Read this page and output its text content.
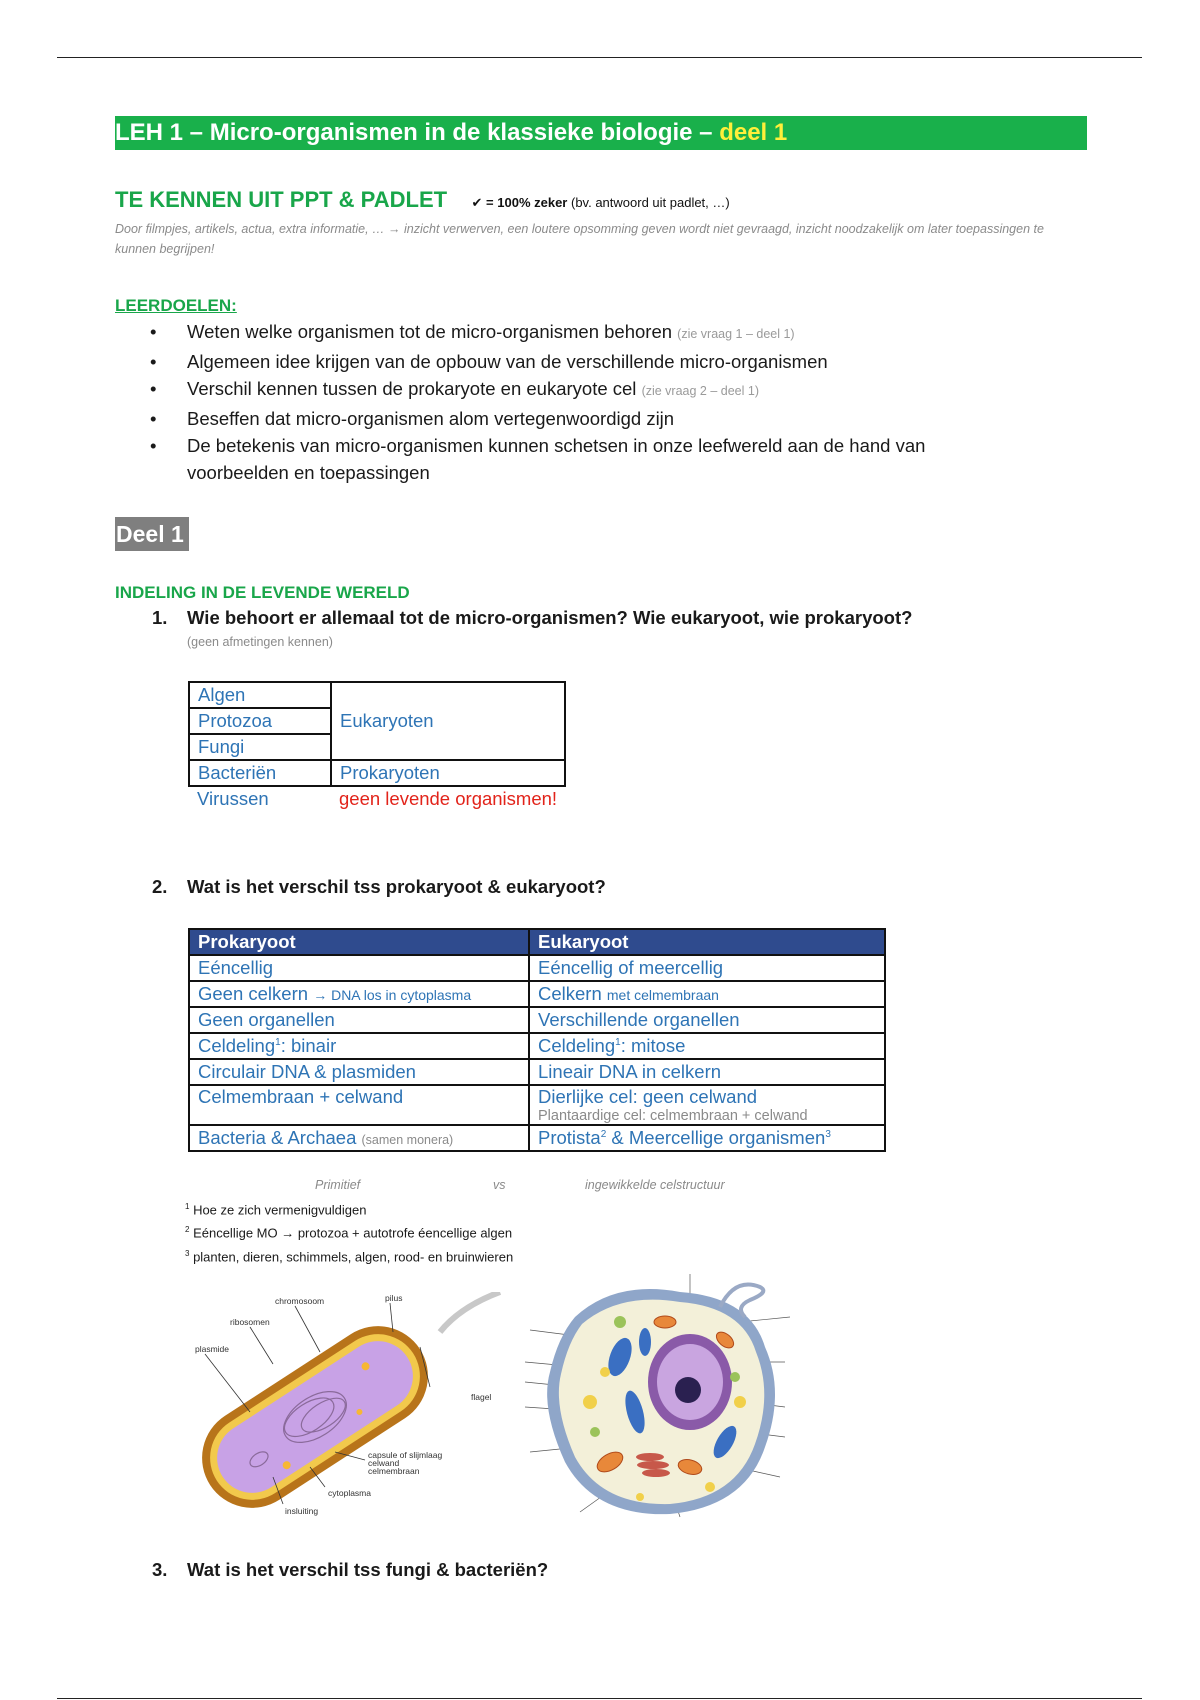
LEH 1 – Micro-organismen in de klassieke biologie – deel 1
TE KENNEN UIT PPT & PADLET ✔ = 100% zeker (bv. antwoord uit padlet, …)
Door filmpjes, artikels, actua, extra informatie, … → inzicht verwerven, een loutere opsomming geven wordt niet gevraagd, inzicht noodzakelijk om later toepassingen te kunnen begrijpen!
LEERDOELEN:
• Weten welke organismen tot de micro-organismen behoren (zie vraag 1 – deel 1)
• Algemeen idee krijgen van de opbouw van de verschillende micro-organismen
• Verschil kennen tussen de prokaryote en eukaryote cel (zie vraag 2 – deel 1)
• Beseffen dat micro-organismen alom vertegenwoordigd zijn
• De betekenis van micro-organismen kunnen schetsen in onze leefwereld aan de hand van voorbeelden en toepassingen
Deel 1
INDELING IN DE LEVENDE WERELD
1. Wie behoort er allemaal tot de micro-organismen? Wie eukaryoot, wie prokaryoot?
(geen afmetingen kennen)
Algen	Eukaryoten
Protozoa	
Fungi	
Bacteriën	Prokaryoten
Virussen	geen levende organismen!
2. Wat is het verschil tss prokaryoot & eukaryoot?
Prokaryoot	Eukaryoot
Eéncellig	Eéncellig of meercellig
Geen celkern → DNA los in cytoplasma	Celkern met celmembraan
Geen organellen	Verschillende organellen
Celdeling$^1$: binair	Celdeling$^1$: mitose
Circulair DNA & plasmiden	Lineair DNA in celkern
Celmembraan + celwand	Dierlijke cel: geen celwand
Plantaardige cel: celmembraan + celwand

Bacteria & Archaea (samen monera)	Protista$^2$ & Meercellige organismen$^3$
Primitief	vs	ingewikkelde celstructuur
$^1$ Hoe ze zich vermenigvuldigen
$^2$ Eéncellige MO → protozoa + autotrofe éencellige algen
$^3$ planten, dieren, schimmels, algen, rood- en bruinwieren
chromosoom	pilus
ribosomen
plasmide
flagel
capsule of slijmlaag
celwand
celmembraan
cytoplasma
insluiting
3. Wat is het verschil tss fungi & bacteriën?
